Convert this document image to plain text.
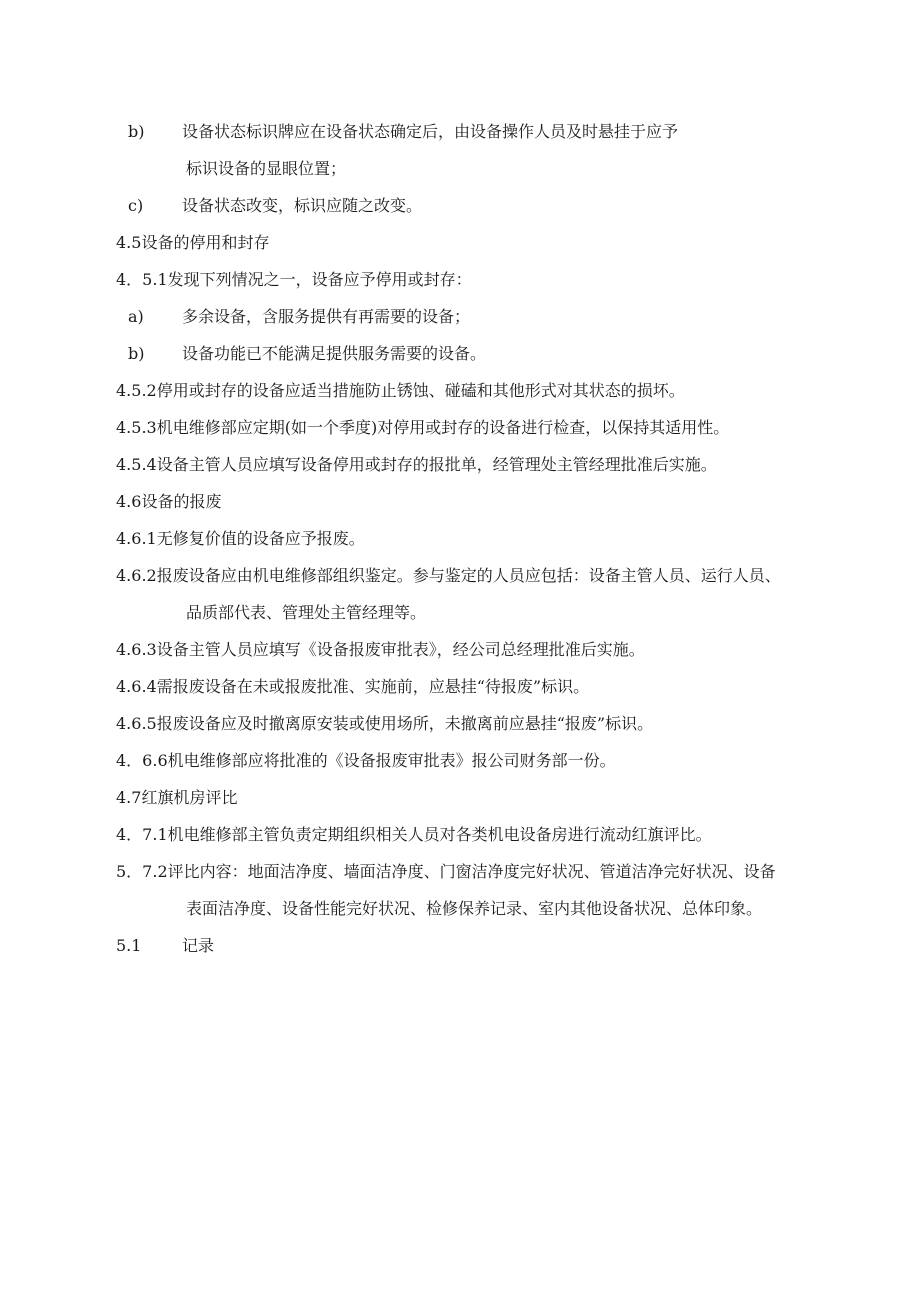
b) 设备状态标识牌应在设备状态确定后，由设备操作人员及时悬挂于应予
标识设备的显眼位置；
c) 设备状态改变，标识应随之改变。
4.5设备的停用和封存
4．5.1发现下列情况之一，设备应予停用或封存：
a) 多余设备，含服务提供有再需要的设备；
b) 设备功能已不能满足提供服务需要的设备。
4.5.2停用或封存的设备应适当措施防止锈蚀、碰磕和其他形式对其状态的损坏。
4.5.3机电维修部应定期(如一个季度)对停用或封存的设备进行检查，以保持其适用性。
4.5.4设备主管人员应填写设备停用或封存的报批单，经管理处主管经理批准后实施。
4.6设备的报废
4.6.1无修复价值的设备应予报废。
4.6.2报废设备应由机电维修部组织鉴定。参与鉴定的人员应包括：设备主管人员、运行人员、
品质部代表、管理处主管经理等。
4.6.3设备主管人员应填写《设备报废审批表》，经公司总经理批准后实施。
4.6.4需报废设备在未或报废批准、实施前，应悬挂“待报废”标识。
4.6.5报废设备应及时撤离原安装或使用场所，未撤离前应悬挂“报废”标识。
4．6.6机电维修部应将批准的《设备报废审批表》报公司财务部一份。
4.7红旗机房评比
4．7.1机电维修部主管负责定期组织相关人员对各类机电设备房进行流动红旗评比。
5．7.2评比内容：地面洁净度、墙面洁净度、门窗洁净度完好状况、管道洁净完好状况、设备
表面洁净度、设备性能完好状况、检修保养记录、室内其他设备状况、总体印象。
5.1	记录
